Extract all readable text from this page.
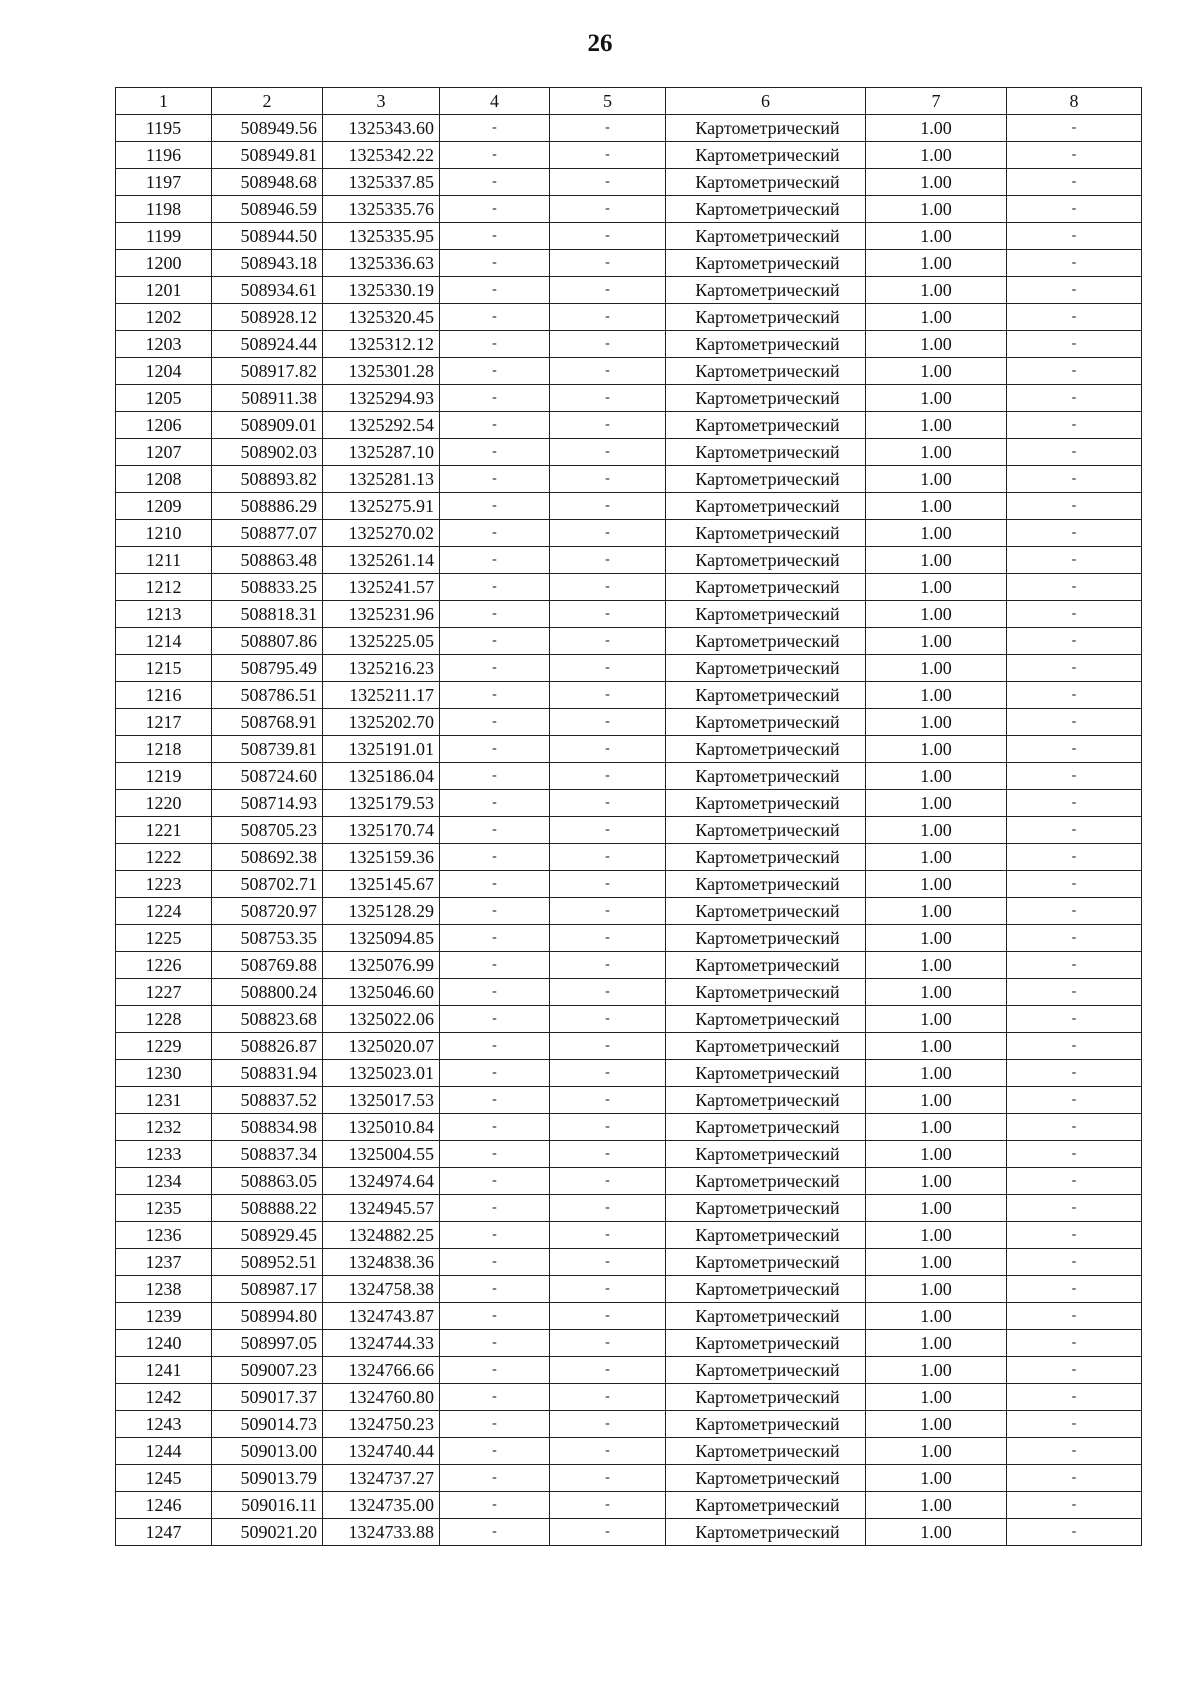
26
1	2	3	4	5	6	7	8
1195	508949.56	1325343.60	-	-	Картометрический	1.00	-
1196	508949.81	1325342.22	-	-	Картометрический	1.00	-
1197	508948.68	1325337.85	-	-	Картометрический	1.00	-
1198	508946.59	1325335.76	-	-	Картометрический	1.00	-
1199	508944.50	1325335.95	-	-	Картометрический	1.00	-
1200	508943.18	1325336.63	-	-	Картометрический	1.00	-
1201	508934.61	1325330.19	-	-	Картометрический	1.00	-
1202	508928.12	1325320.45	-	-	Картометрический	1.00	-
1203	508924.44	1325312.12	-	-	Картометрический	1.00	-
1204	508917.82	1325301.28	-	-	Картометрический	1.00	-
1205	508911.38	1325294.93	-	-	Картометрический	1.00	-
1206	508909.01	1325292.54	-	-	Картометрический	1.00	-
1207	508902.03	1325287.10	-	-	Картометрический	1.00	-
1208	508893.82	1325281.13	-	-	Картометрический	1.00	-
1209	508886.29	1325275.91	-	-	Картометрический	1.00	-
1210	508877.07	1325270.02	-	-	Картометрический	1.00	-
1211	508863.48	1325261.14	-	-	Картометрический	1.00	-
1212	508833.25	1325241.57	-	-	Картометрический	1.00	-
1213	508818.31	1325231.96	-	-	Картометрический	1.00	-
1214	508807.86	1325225.05	-	-	Картометрический	1.00	-
1215	508795.49	1325216.23	-	-	Картометрический	1.00	-
1216	508786.51	1325211.17	-	-	Картометрический	1.00	-
1217	508768.91	1325202.70	-	-	Картометрический	1.00	-
1218	508739.81	1325191.01	-	-	Картометрический	1.00	-
1219	508724.60	1325186.04	-	-	Картометрический	1.00	-
1220	508714.93	1325179.53	-	-	Картометрический	1.00	-
1221	508705.23	1325170.74	-	-	Картометрический	1.00	-
1222	508692.38	1325159.36	-	-	Картометрический	1.00	-
1223	508702.71	1325145.67	-	-	Картометрический	1.00	-
1224	508720.97	1325128.29	-	-	Картометрический	1.00	-
1225	508753.35	1325094.85	-	-	Картометрический	1.00	-
1226	508769.88	1325076.99	-	-	Картометрический	1.00	-
1227	508800.24	1325046.60	-	-	Картометрический	1.00	-
1228	508823.68	1325022.06	-	-	Картометрический	1.00	-
1229	508826.87	1325020.07	-	-	Картометрический	1.00	-
1230	508831.94	1325023.01	-	-	Картометрический	1.00	-
1231	508837.52	1325017.53	-	-	Картометрический	1.00	-
1232	508834.98	1325010.84	-	-	Картометрический	1.00	-
1233	508837.34	1325004.55	-	-	Картометрический	1.00	-
1234	508863.05	1324974.64	-	-	Картометрический	1.00	-
1235	508888.22	1324945.57	-	-	Картометрический	1.00	-
1236	508929.45	1324882.25	-	-	Картометрический	1.00	-
1237	508952.51	1324838.36	-	-	Картометрический	1.00	-
1238	508987.17	1324758.38	-	-	Картометрический	1.00	-
1239	508994.80	1324743.87	-	-	Картометрический	1.00	-
1240	508997.05	1324744.33	-	-	Картометрический	1.00	-
1241	509007.23	1324766.66	-	-	Картометрический	1.00	-
1242	509017.37	1324760.80	-	-	Картометрический	1.00	-
1243	509014.73	1324750.23	-	-	Картометрический	1.00	-
1244	509013.00	1324740.44	-	-	Картометрический	1.00	-
1245	509013.79	1324737.27	-	-	Картометрический	1.00	-
1246	509016.11	1324735.00	-	-	Картометрический	1.00	-
1247	509021.20	1324733.88	-	-	Картометрический	1.00	-
